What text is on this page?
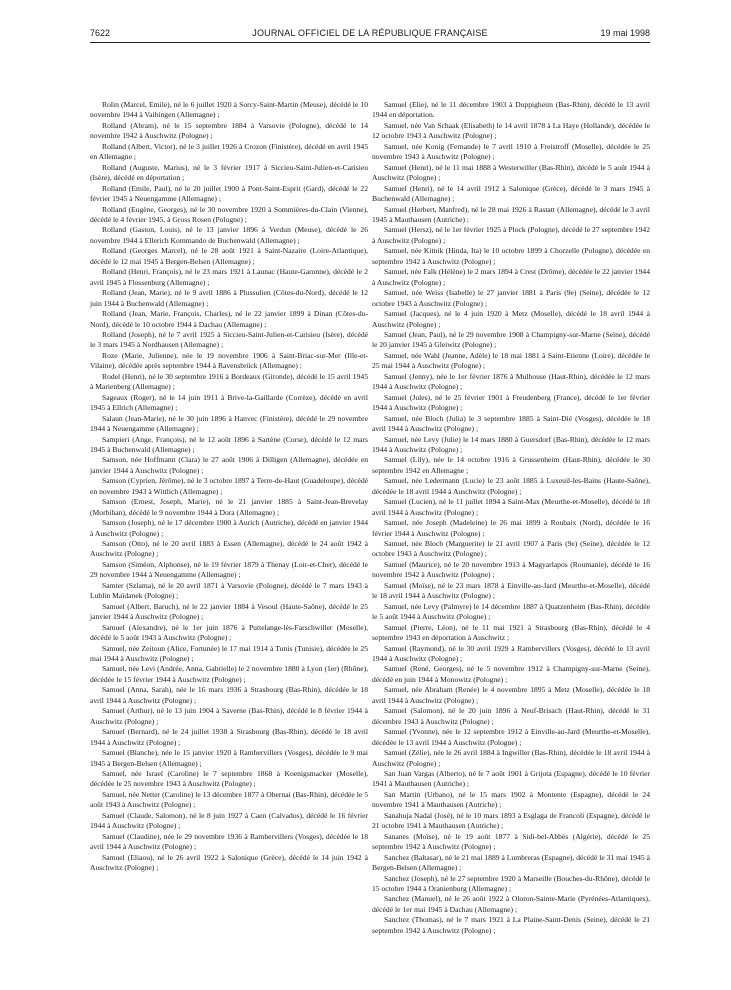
7622	JOURNAL OFFICIEL DE LA RÉPUBLIQUE FRANÇAISE	19 mai 1998

Rolin (Marcel, Emile), né le 6 juillet 1920 à Sorcy-Saint-Martin (Meuse), décédé le 10 novembre 1944 à Vaihingen (Allemagne) ;

Rolland (Abram), né le 15 septembre 1884 à Varsovie (Pologne), décédé le 14 novembre 1942 à Auschwitz (Pologne) ;

Rolland (Albert, Victor), né le 3 juillet 1926 à Crozon (Finistère), décédé en avril 1945 en Allemagne ;

Rolland (Auguste, Marius), né le 3 février 1917 à Siccieu-Saint-Julien-et-Carisieu (Isère), décédé en déportation ;

Rolland (Emile, Paul), né le 20 juillet 1900 à Pont-Saint-Esprit (Gard), décédé le 22 février 1945 à Neuengamme (Allemagne) ;

Rolland (Eugène, Georges), né le 30 novembre 1920 à Sommières-du-Clain (Vienne), décédé le 4 février 1945, à Gross Rosen (Pologne) ;

Rolland (Gaston, Louis), né le 13 janvier 1896 à Verdun (Meuse), décédé le 26 novembre 1944 à Ellerich Kommando de Buchenwald (Allemagne) ;

Rolland (Georges Marcel), né le 28 août 1921 à Saint-Nazaire (Loire-Atlantique), décédé le 12 mai 1945 à Bergen-Belsen (Allemagne) ;

Rolland (Henri, François), né le 23 mars 1921 à Launac (Haute-Garonne), décédé le 2 avril 1945 à Flossenburg (Allemagne) ;

Rolland (Jean, Marie), né le 9 avril 1886 à Plussulien (Côtes-du-Nord), décédé le 12 juin 1944 à Buchenwald (Allemagne) ;

Rolland (Jean, Marie, François, Charles), né le 22 janvier 1899 à Dinan (Côtes-du-Nord), décédé le 10 octobre 1944 à Dachau (Allemagne) ;

Rolland (Joseph), né le 7 avril 1925 à Siccieu-Saint-Julien-et-Carisieu (Isère), décédé le 3 mars 1945 à Nordhausen (Allemagne) ;

Roze (Marie, Julienne), née le 19 novembre 1906 à Saint-Briac-sur-Mer (Ille-et-Vilaine), décédée après septembre 1944 à Ravensbrück (Allemagne) ;

Rodel (Henri), né le 30 septembre 1916 à Bordeaux (Gironde), décédé le 15 avril 1945 à Marienberg (Allemagne) ;

Sageaux (Roger), né le 14 juin 1911 à Brive-la-Gaillarde (Corrèze), décédé en avril 1945 à Ellrich (Allemagne) ;

Salaun (Jean-Marie), né le 30 juin 1896 à Hanvec (Finistère), décédé le 29 novembre 1944 à Neuengamme (Allemagne) ;

Sampieri (Ange, François), né le 12 août 1896 à Sartène (Corse), décédé le 12 mars 1945 à Buchenwald (Allemagne) ;

Samson, née Hoffmann (Clara) le 27 août 1906 à Dilligen (Allemagne), décédée en janvier 1944 à Auschwitz (Pologne) ;

Samson (Cyprien, Jérôme), né le 3 octobre 1897 à Terre-de-Haut (Guadeloupe), décédé en novembre 1943 à Wittlich (Allemagne) ;

Samson (Ernest, Joseph, Marie), né le 21 janvier 1885 à Saint-Jean-Brevelay (Morbihan), décédé le 9 novembre 1944 à Dora (Allemagne) ;

Samson (Joseph), né le 17 décembre 1900 à Aurich (Autriche), décédé en janvier 1944 à Auschwitz (Pologne) ;

Samson (Otto), né le 20 avril 1883 à Essen (Allemagne), décédé le 24 août 1942 à Auschwitz (Pologne) ;

Samson (Siméon, Alphonse), né le 19 février 1879 à Thenay (Loir-et-Cher), décédé le 29 novembre 1944 à Neuengamme (Allemagne) ;

Samter (Szlama), né le 20 avril 1871 à Varsovie (Pologne), décédé le 7 mars 1943 à Lublin Maïdanek (Pologne) ;

Samuel (Albert, Baruch), né le 22 janvier 1884 à Vesoul (Haute-Saône), décédé le 25 janvier 1944 à Auschwitz (Pologne) ;

Samuel (Alexandre), né le 1er juin 1876 à Puttelange-lès-Farschwiller (Moselle), décédé le 5 août 1943 à Auschwitz (Pologne) ;

Samuel, née Zeitoun (Alice, Fortunée) le 17 mai 1914 à Tunis (Tunisie), décédée le 25 mai 1944 à Auschwitz (Pologne) ;

Samuel, née Levi (Andrée, Anna, Gabrielle) le 2 novembre 1880 à Lyon (1er) (Rhône), décédée le 15 février 1944 à Auschwitz (Pologne) ;

Samuel (Anna, Sarah), née le 16 mars 1936 à Strasbourg (Bas-Rhin), décédée le 18 avril 1944 à Auschwitz (Pologne) ;

Samuel (Arthur), né le 13 juin 1904 à Saverne (Bas-Rhin), décédé le 8 février 1944 à Auschwitz (Pologne) ;

Samuel (Bernard), né le 24 juillet 1938 à Strasbourg (Bas-Rhin), décédé le 18 avril 1944 à Auschwitz (Pologne) ;

Samuel (Blanche), née le 15 janvier 1920 à Rambervillers (Vosges), décédée le 9 mai 1945 à Bergen-Belsen (Allemagne) ;

Samuel, née Israel (Caroline) le 7 septembre 1868 à Koenigsmacker (Moselle), décédée le 25 novembre 1943 à Auschwitz (Pologne) ;

Samuel, née Netter (Caroline) le 13 décembre 1877 à Obernai (Bas-Rhin), décédée le 5 août 1943 à Auschwitz (Pologne) ;

Samuel (Claude, Salomon), né le 8 juin 1927 à Caen (Calvados), décédé le 16 février 1944 à Auschwitz (Pologne) ;

Samuel (Claudine), née le 29 novembre 1936 à Rambervillers (Vosges), décédée le 18 avril 1944 à Auschwitz (Pologne) ;

Samuel (Eliaou), né le 26 avril 1922 à Salonique (Grèce), décédé le 14 juin 1942 à Auschwitz (Pologne) ;

Samuel (Elie), né le 11 décembre 1903 à Duppigheim (Bas-Rhin), décédé le 13 avril 1944 en déportation.

Samuel, née Van Schaak (Elisabeth) le 14 avril 1878 à La Haye (Hollande), décédée le 12 octobre 1943 à Auschwitz (Pologne) ;

Samuel, née Konig (Fernande) le 7 avril 1910 à Freistroff (Moselle), décédée le 25 novembre 1943 à Auschwitz (Pologne) ;

Samuel (Henri), né le 11 mai 1888 à Westerwiller (Bas-Rhin), décédé le 5 août 1944 à Auschwitz (Pologne) ;

Samuel (Henri), né le 14 avril 1912 à Salonique (Grèce), décédé le 3 mars 1945 à Buchenwald (Allemagne) ;

Samuel (Herbert, Manfred), né le 28 mai 1926 à Rastatt (Allemagne), décédé le 3 avril 1945 à Mauthausen (Autriche) ;

Samuel (Hersz), né le 1er février 1925 à Plock (Pologne), décédé le 27 septembre 1942 à Auschwitz (Pologne) ;

Samuel, née Kitnik (Hinda, Ita) le 10 octobre 1899 à Chorzelle (Pologne), décédée en septembre 1942 à Auschwitz (Pologne) ;

Samuel, née Falk (Hélène) le 2 mars 1894 à Crest (Drôme), décédée le 22 janvier 1944 à Auschwitz (Pologne) ;

Samuel, née Weiss (Isabelle) le 27 janvier 1881 à Paris (9e) (Seine), décédée le 12 octobre 1943 à Auschwitz (Pologne) ;

Samuel (Jacques), né le 4 juin 1920 à Metz (Moselle), décédé le 18 avril 1944 à Auschwitz (Pologne) ;

Samuel (Jean, Paul), né le 29 novembre 1908 à Champigny-sur-Marne (Seine), décédé le 20 janvier 1945 à Gleiwitz (Pologne) ;

Samuel, née Wahl (Jeanne, Adèle) le 18 mai 1881 à Saint-Etienne (Loire), décédée le 25 mai 1944 à Auschwitz (Pologne) ;

Samuel (Jenny), née le 1er février 1876 à Mulhouse (Haut-Rhin), décédée le 12 mars 1944 à Auschwitz (Pologne) ;

Samuel (Jules), né le 25 février 1901 à Freudenberg (France), décédé le 1er février 1944 à Auschwitz (Pologne) ;

Samuel, née Bloch (Julia) le 3 septembre 1885 à Saint-Dié (Vosges), décédée le 18 avril 1944 à Auschwitz (Pologne) ;

Samuel, née Levy (Julie) le 14 mars 1880 à Guersdorf (Bas-Rhin), décédée le 12 mars 1944 à Auschwitz (Pologne) ;

Samuel (Lily), née le 14 octobre 1916 à Grussenheim (Haut-Rhin), décédée le 30 septembre 1942 en Allemagne ;

Samuel, née Ledermann (Lucie) le 23 août 1885 à Luxeuil-les-Bains (Haute-Saône), décédée le 18 avril 1944 à Auschwitz (Pologne) ;

Samuel (Lucien), né le 11 juillet 1894 à Saint-Max (Meurthe-et-Moselle), décédé le 18 avril 1944 à Auschwitz (Pologne) ;

Samuel, née Joseph (Madeleine) le 26 mai 1899 à Roubaix (Nord), décédée le 16 février 1944 à Auschwitz (Pologne) ;

Samuel, née Bloch (Marguerite) le 21 avril 1907 à Paris (9e) (Seine), décédée le 12 octobre 1943 à Auschwitz (Pologne) ;

Samuel (Maurice), né le 20 novembre 1913 à Magyarlapos (Roumanie), décédé le 16 novembre 1942 à Auschwitz (Pologne) ;

Samuel (Moïse), né le 23 mars 1878 à Einville-au-Jard (Meurthe-et-Moselle), décédé le 18 avril 1944 à Auschwitz (Pologne) ;

Samuel, née Levy (Palmyre) le 14 décembre 1887 à Quatzenheim (Bas-Rhin), décédée le 5 août 1944 à Auschwitz (Pologne) ;

Samuel (Pierre, Léon), né le 11 mai 1921 à Strasbourg (Bas-Rhin), décédé le 4 septembre 1943 en déportation à Auschwitz ;

Samuel (Raymond), né le 30 avril 1929 à Rambervillers (Vosges), décédé le 13 avril 1944 à Auschwitz (Pologne) ;

Samuel (René, Georges), né le 5 novembre 1912 à Champigny-sur-Marne (Seine), décédé en juin 1944 à Monowitz (Pologne) ;

Samuel, née Abraham (Renée) le 4 novembre 1895 à Metz (Moselle), décédée le 18 avril 1944 à Auschwitz (Pologne) ;

Samuel (Salomon), né le 20 juin 1896 à Neuf-Brisach (Haut-Rhin), décédé le 31 décembre 1943 à Auschwitz (Pologne) ;

Samuel (Yvonne), née le 12 septembre 1912 à Einville-au-Jard (Meurthe-et-Moselle), décédée le 13 avril 1944 à Auschwitz (Pologne) ;

Samuel (Zélie), née le 26 avril 1884 à Ingwiller (Bas-Rhin), décédée le 18 avril 1944 à Auschwitz (Pologne) ;

San Juan Vargas (Alberto), né le 7 août 1901 à Grijota (Espagne), décédé le 10 février 1941 à Mauthausen (Autriche) ;

San Martin (Urbano), né le 15 mars 1902 à Montente (Espagne), décédé le 24 novembre 1941 à Mauthausen (Autriche) ;

Sanahuja Nadal (José), né le 10 mars 1893 à Esglaga de Francoli (Espagne), décédé le 21 octobre 1941 à Mauthausen (Autriche) ;

Sananes (Moïse), né le 19 août 1877 à Sidi-bel-Abbès (Algérie), décédé le 25 septembre 1942 à Auschwitz (Pologne) ;

Sanchez (Baltasar), né le 21 mai 1889 à Lumbreras (Espagne), décédé le 31 mai 1945 à Bergen-Belsen (Allemagne) ;

Sanchez (Joseph), né le 27 septembre 1920 à Marseille (Bouches-du-Rhône), décédé le 15 octobre 1944 à Oranienburg (Allemagne) ;

Sanchez (Manuel), né le 26 août 1922 à Oloron-Sainte-Marie (Pyrénées-Atlantiques), décédé le 1er mai 1945 à Dachau (Allemagne) ;

Sanchez (Thomas), né le 7 mars 1921 à La Plaine-Saint-Denis (Seine), décédé le 21 septembre 1942 à Auschwitz (Pologne) ;
